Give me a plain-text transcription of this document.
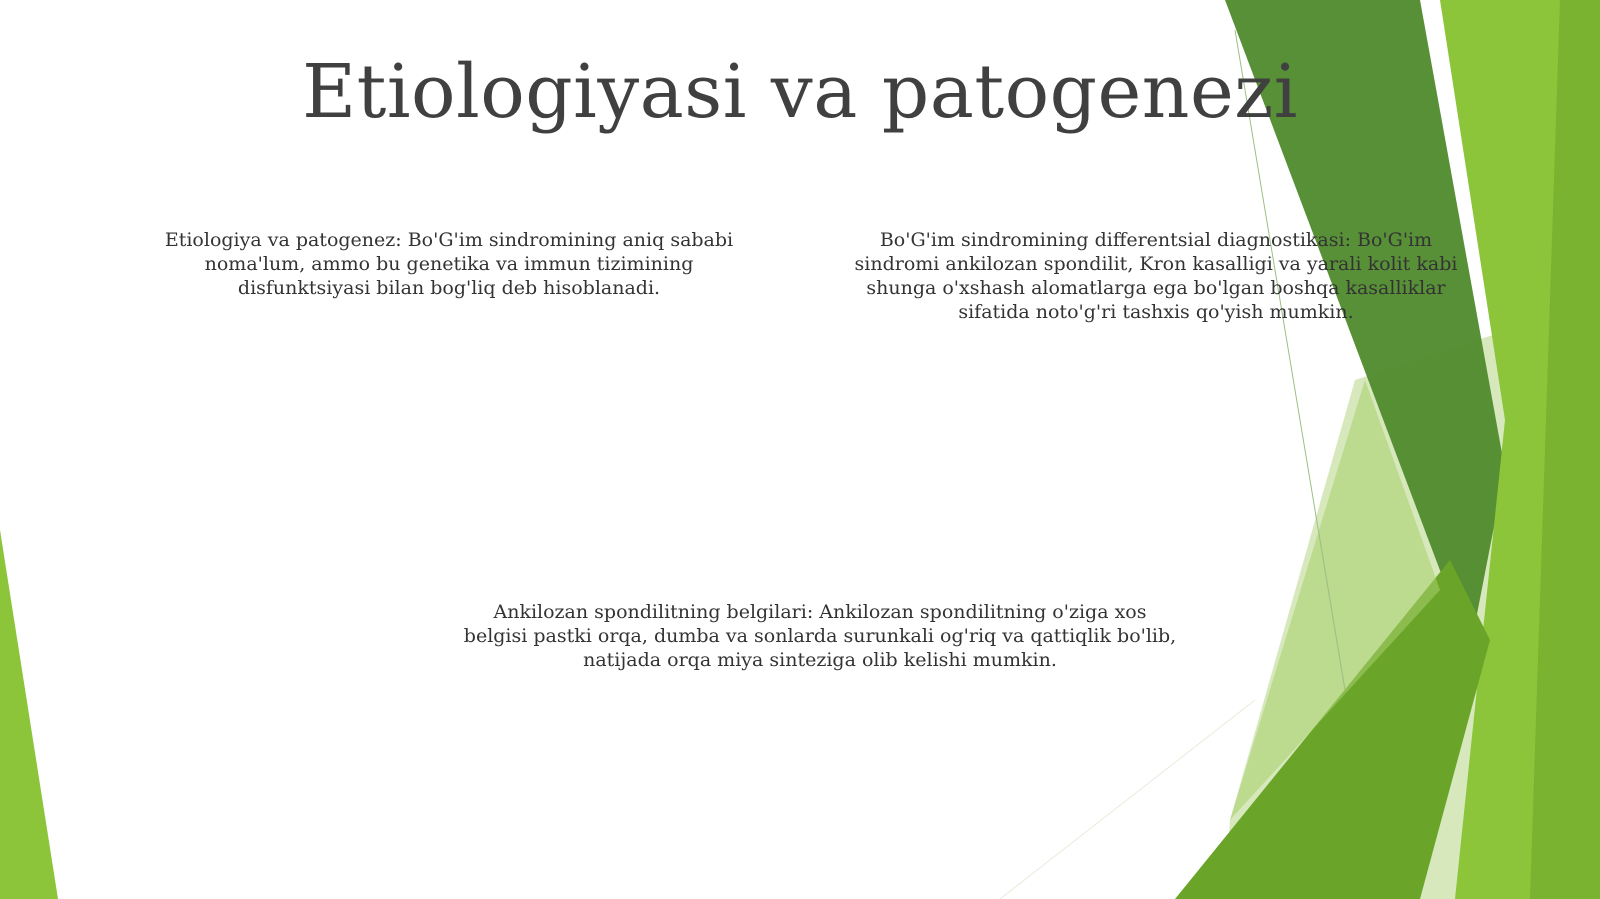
Etiologiyasi va patogenezi

Etiologiya va patogenez: Bo'G'im sindromining aniq sababi noma'lum, ammo bu genetika va immun tizimining disfunktsiyasi bilan bog'liq deb hisoblanadi.

Bo'G'im sindromining differentsial diagnostikasi: Bo'G'im sindromi ankilozan spondilit, Kron kasalligi va yarali kolit kabi shunga o'xshash alomatlarga ega bo'lgan boshqa kasalliklar sifatida noto'g'ri tashxis qo'yish mumkin.

Ankilozan spondilitning belgilari: Ankilozan spondilitning o'ziga xos belgisi pastki orqa, dumba va sonlarda surunkali og'riq va qattiqlik bo'lib, natijada orqa miya sinteziga olib kelishi mumkin.
